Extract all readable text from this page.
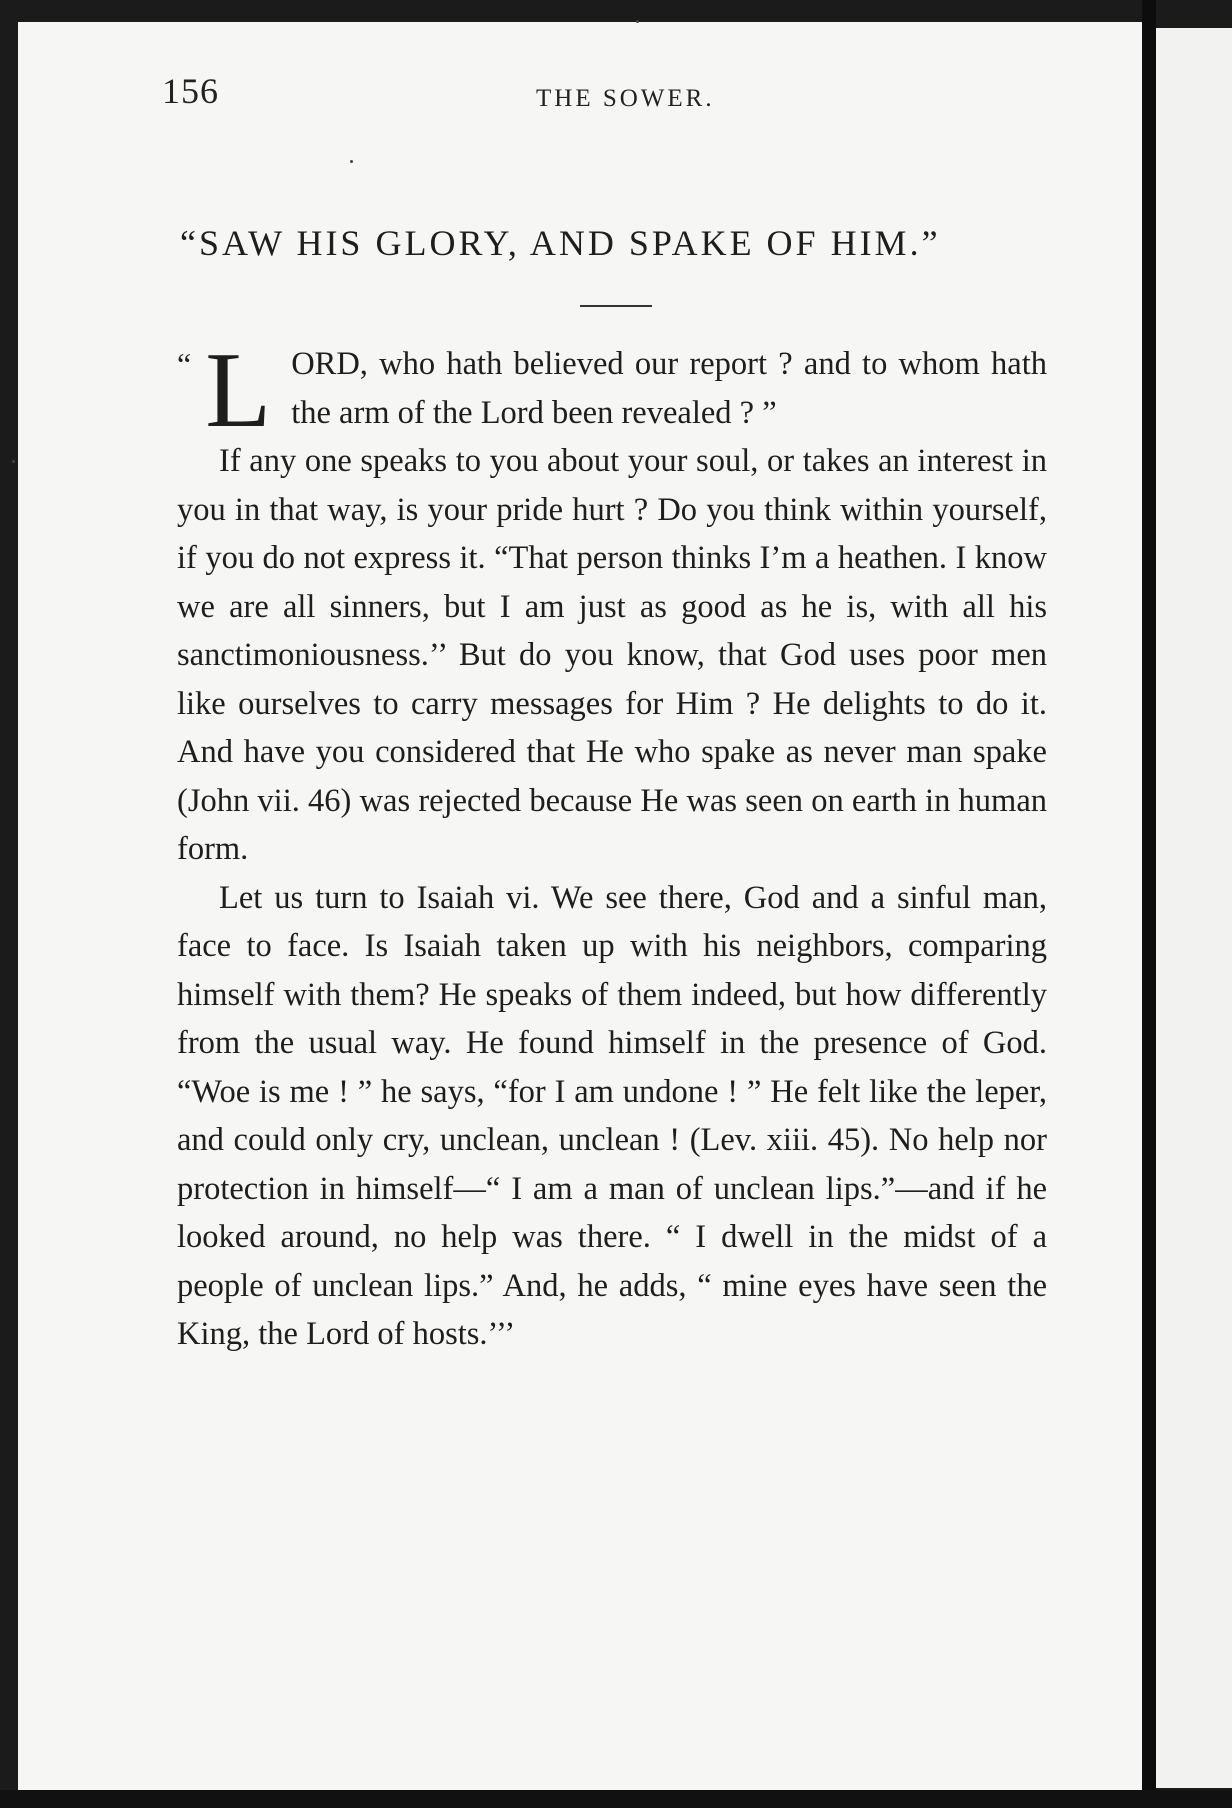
156	THE SOWER.
“SAW HIS GLORY, AND SPAKE OF HIM.”

“ L ORD, who hath believed our report ? and to whom hath the arm of the Lord been revealed ? ”

If any one speaks to you about your soul, or takes an interest in you in that way, is your pride hurt ? Do you think within yourself, if you do not express it. “That person thinks I’m a heathen. I know we are all sinners, but I am just as good as he is, with all his sanctimoniousness.’’ But do you know, that God uses poor men like ourselves to carry messages for Him ? He delights to do it. And have you considered that He who spake as never man spake (John vii. 46) was rejected because He was seen on earth in human form.

Let us turn to Isaiah vi. We see there, God and a sinful man, face to face. Is Isaiah taken up with his neighbors, comparing himself with them? He speaks of them indeed, but how differently from the usual way. He found himself in the presence of God. “Woe is me ! ” he says, “for I am undone ! ” He felt like the leper, and could only cry, unclean, unclean ! (Lev. xiii. 45). No help nor protection in himself—“ I am a man of unclean lips.”—and if he looked around, no help was there. “ I dwell in the midst of a people of unclean lips.” And, he adds, “ mine eyes have seen the King, the Lord of hosts.’’’
